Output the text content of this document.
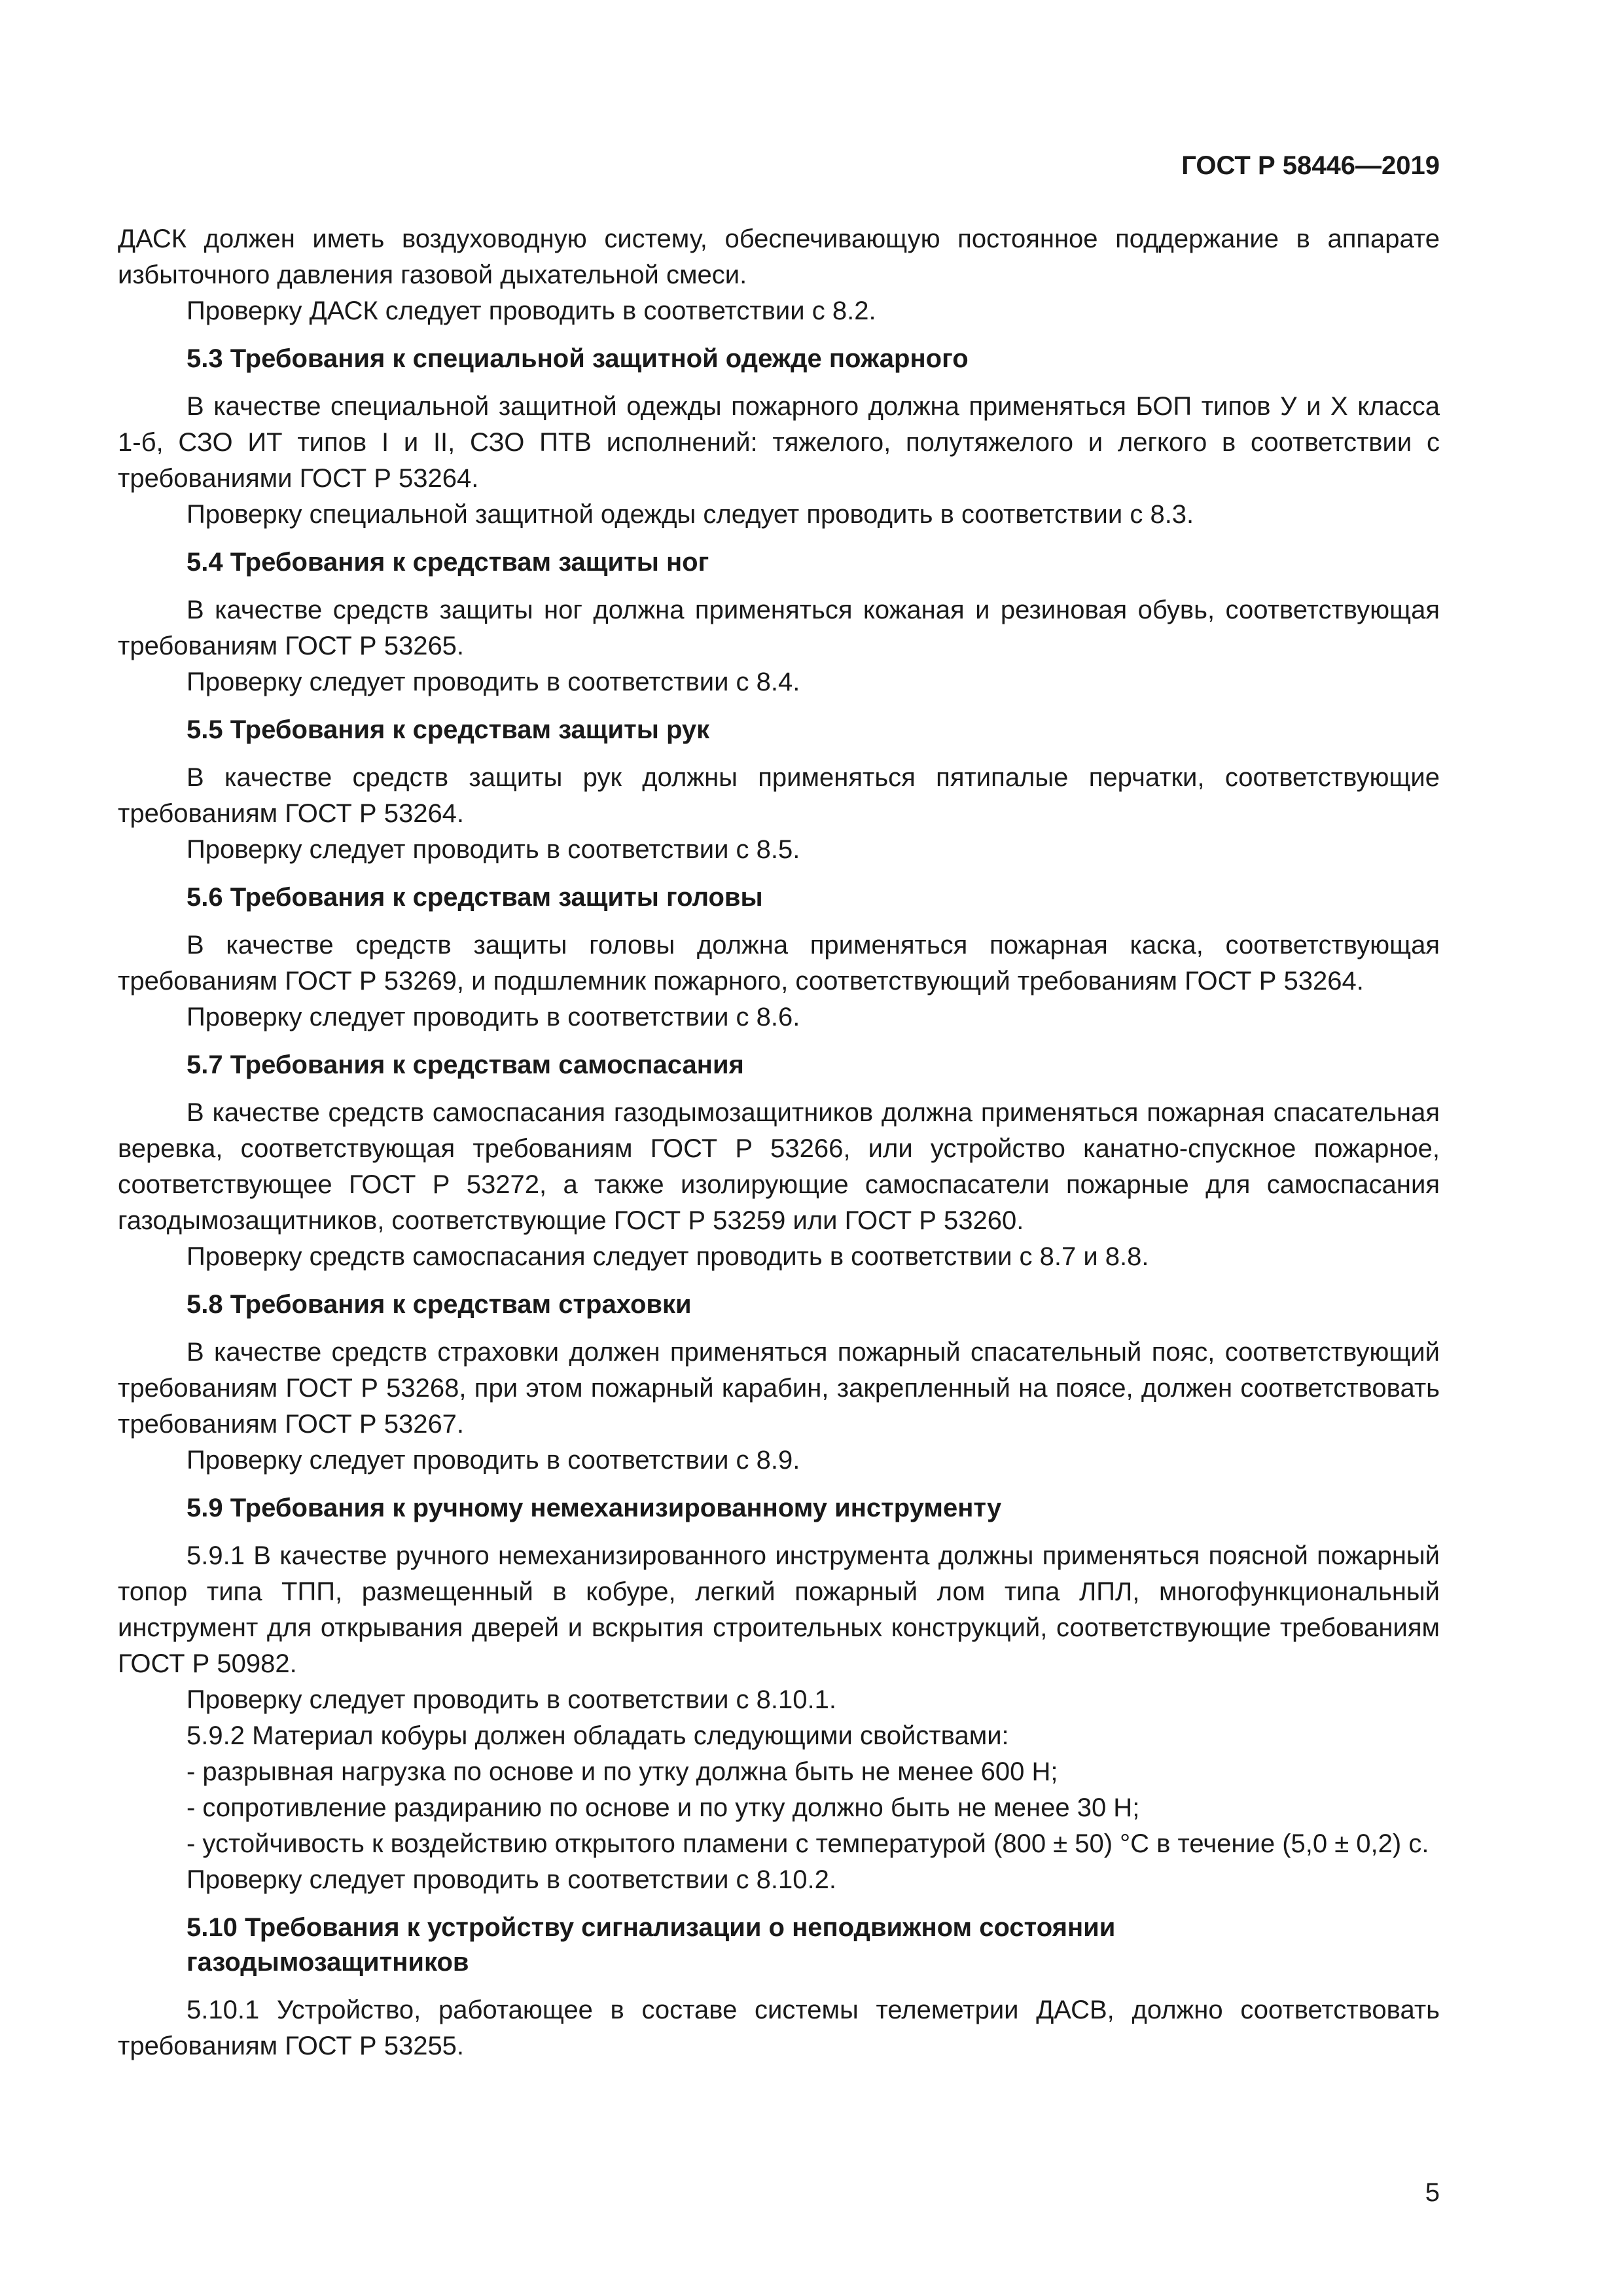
ГОСТ Р 58446—2019

ДАСК должен иметь воздуховодную систему, обеспечивающую постоянное поддержание в аппарате избыточного давления газовой дыхательной смеси.

Проверку ДАСК следует проводить в соответствии с 8.2.

5.3 Требования к специальной защитной одежде пожарного

В качестве специальной защитной одежды пожарного должна применяться БОП типов У и Х класса 1-б, СЗО ИТ типов I и II, СЗО ПТВ исполнений: тяжелого, полутяжелого и легкого в соответствии с требованиями ГОСТ Р 53264.

Проверку специальной защитной одежды следует проводить в соответствии с 8.3.

5.4 Требования к средствам защиты ног

В качестве средств защиты ног должна применяться кожаная и резиновая обувь, соответствующая требованиям ГОСТ Р 53265.

Проверку следует проводить в соответствии с 8.4.

5.5 Требования к средствам защиты рук

В качестве средств защиты рук должны применяться пятипалые перчатки, соответствующие требованиям ГОСТ Р 53264.

Проверку следует проводить в соответствии с 8.5.

5.6 Требования к средствам защиты головы

В качестве средств защиты головы должна применяться пожарная каска, соответствующая требованиям ГОСТ Р 53269, и подшлемник пожарного, соответствующий требованиям ГОСТ Р 53264.

Проверку следует проводить в соответствии с 8.6.

5.7 Требования к средствам самоспасания

В качестве средств самоспасания газодымозащитников должна применяться пожарная спасательная веревка, соответствующая требованиям ГОСТ Р 53266, или устройство канатно-спускное пожарное, соответствующее ГОСТ Р 53272, а также изолирующие самоспасатели пожарные для самоспасания газодымозащитников, соответствующие ГОСТ Р 53259 или ГОСТ Р 53260.

Проверку средств самоспасания следует проводить в соответствии с 8.7 и 8.8.

5.8 Требования к средствам страховки

В качестве средств страховки должен применяться пожарный спасательный пояс, соответствующий требованиям ГОСТ Р 53268, при этом пожарный карабин, закрепленный на поясе, должен соответствовать требованиям ГОСТ Р 53267.

Проверку следует проводить в соответствии с 8.9.

5.9 Требования к ручному немеханизированному инструменту

5.9.1 В качестве ручного немеханизированного инструмента должны применяться поясной пожарный топор типа ТПП, размещенный в кобуре, легкий пожарный лом типа ЛПЛ, многофункциональный инструмент для открывания дверей и вскрытия строительных конструкций, соответствующие требованиям ГОСТ Р 50982.

Проверку следует проводить в соответствии с 8.10.1.

5.9.2 Материал кобуры должен обладать следующими свойствами:

- разрывная нагрузка по основе и по утку должна быть не менее 600 Н;

- сопротивление раздиранию по основе и по утку должно быть не менее 30 Н;

- устойчивость к воздействию открытого пламени с температурой (800 ± 50) °С в течение (5,0 ± 0,2) с.

Проверку следует проводить в соответствии с 8.10.2.

5.10 Требования к устройству сигнализации о неподвижном состоянии
газодымозащитников

5.10.1 Устройство, работающее в составе системы телеметрии ДАСВ, должно соответствовать требованиям ГОСТ Р 53255.

5
